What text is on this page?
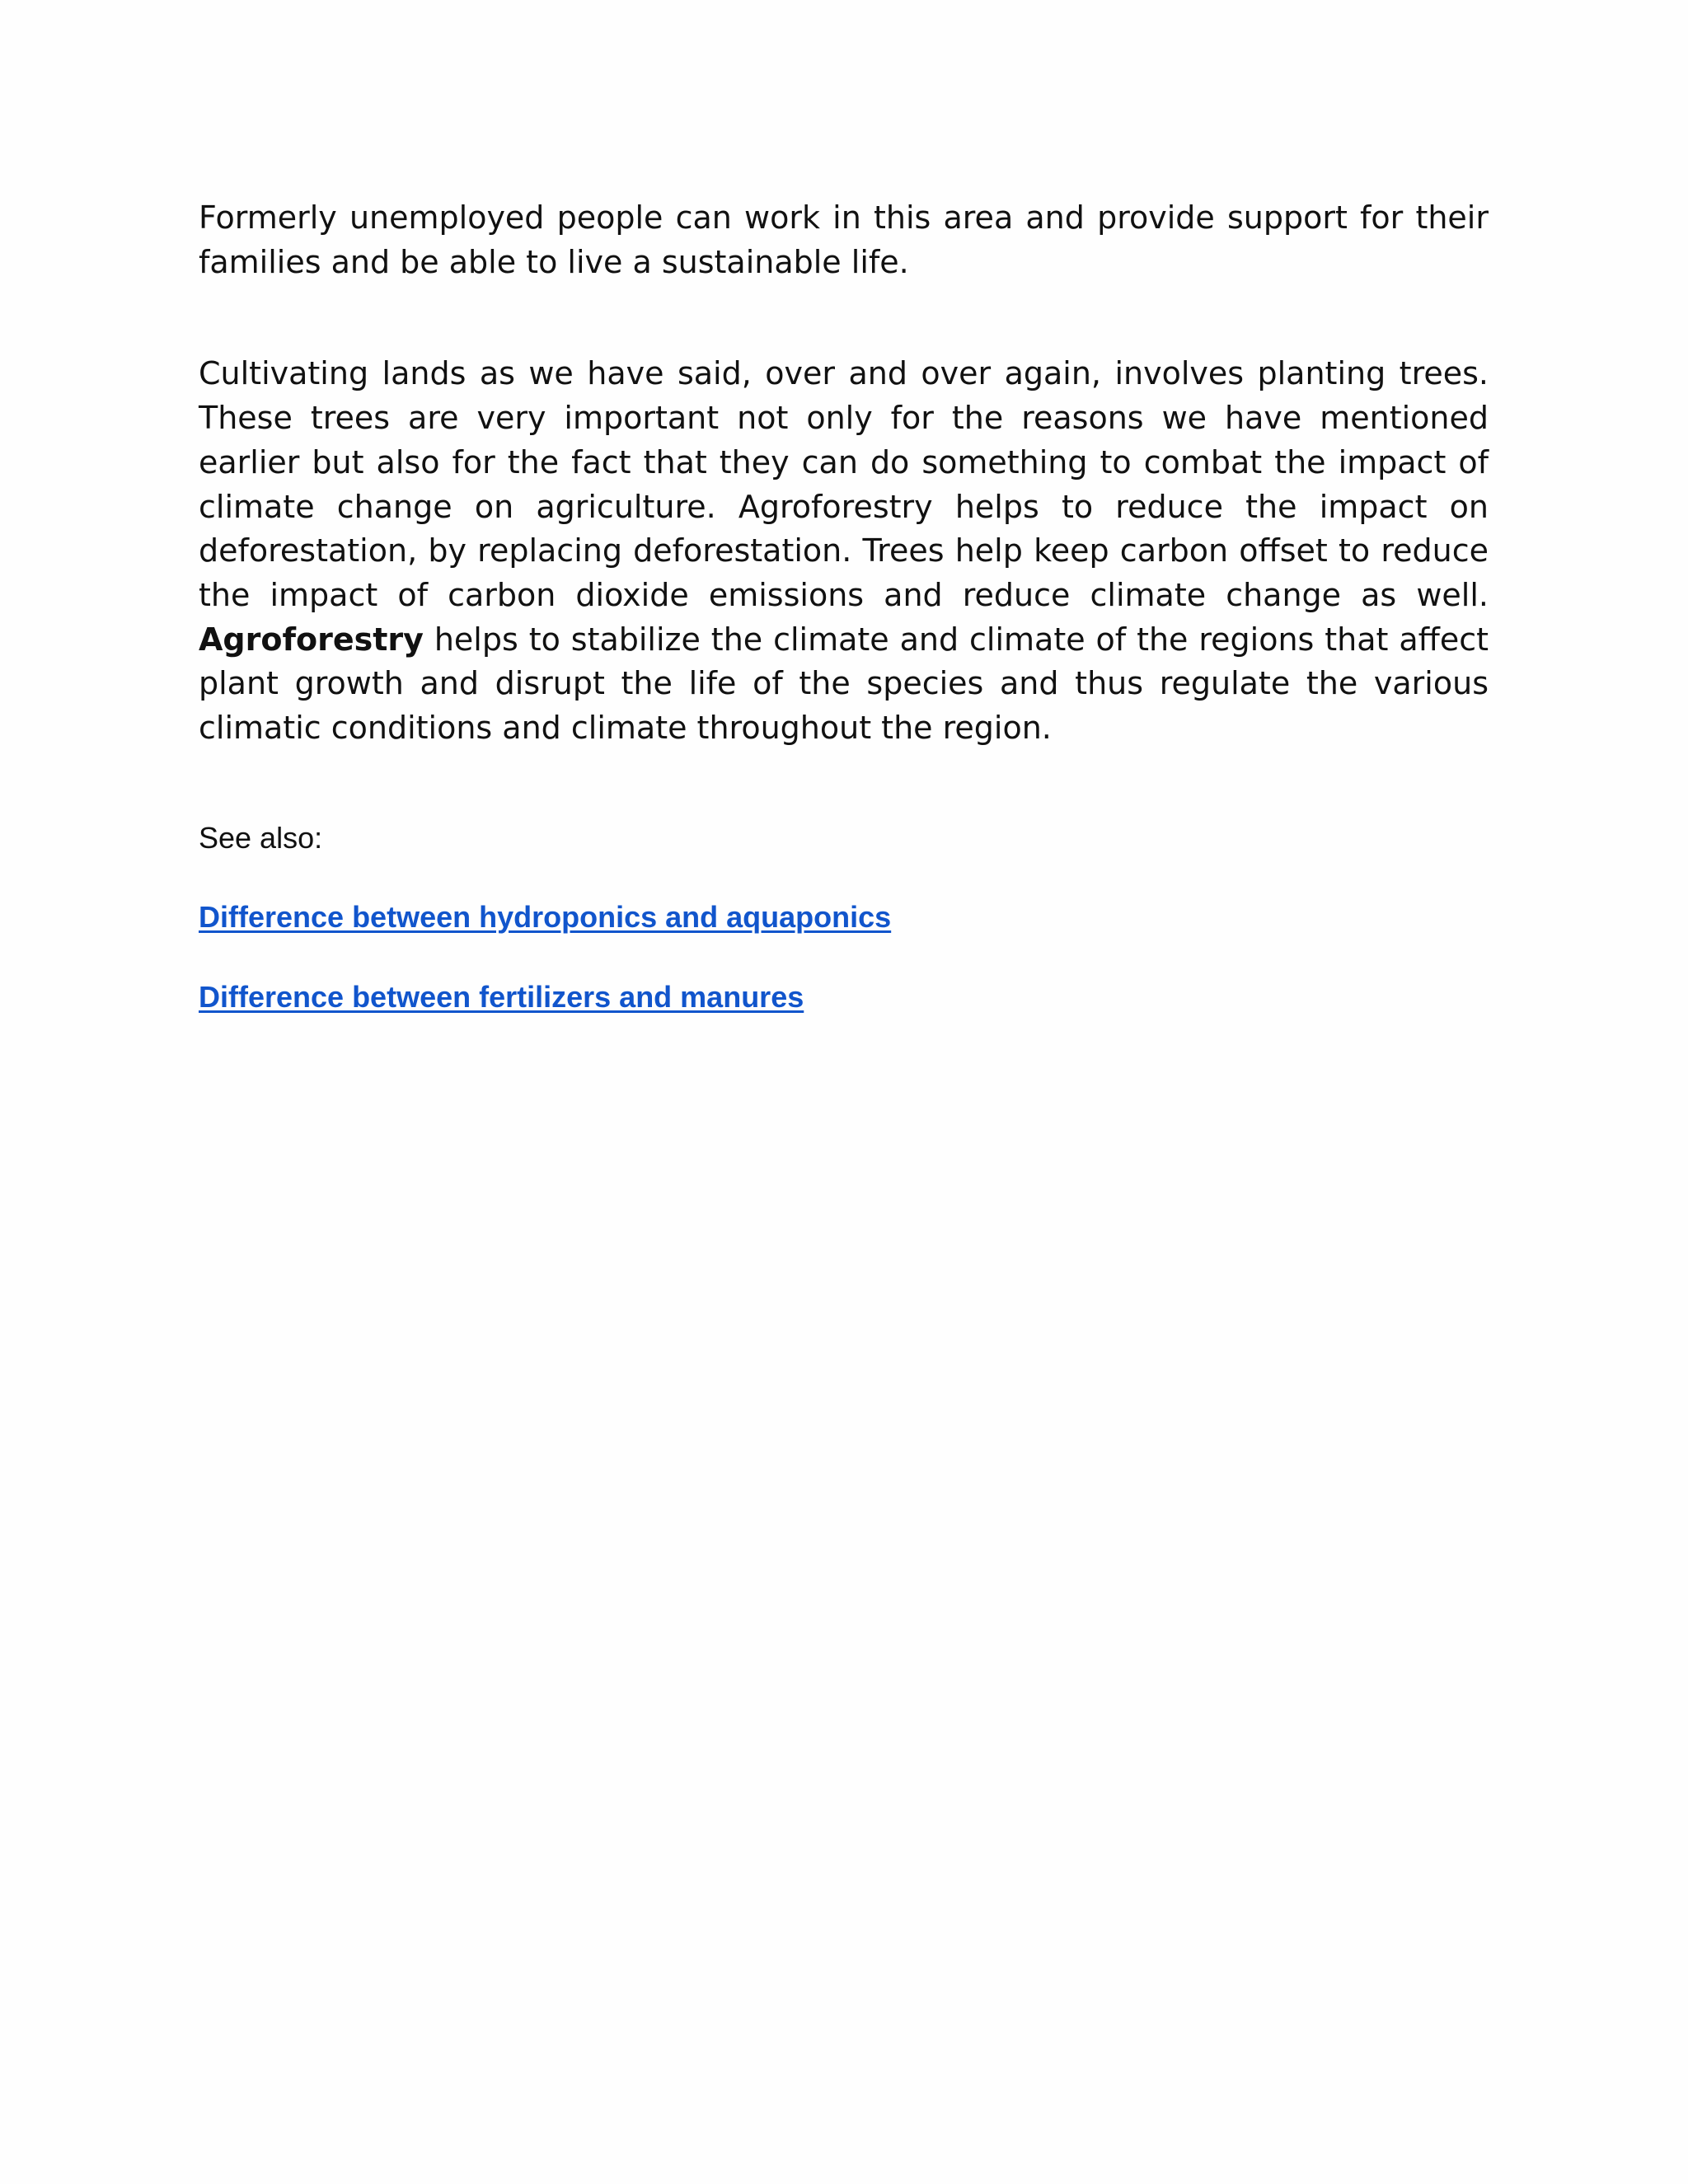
Formerly unemployed people can work in this area and provide support for their families and be able to live a sustainable life.

Cultivating lands as we have said, over and over again, involves planting trees. These trees are very important not only for the reasons we have mentioned earlier but also for the fact that they can do something to combat the impact of climate change on agriculture. Agroforestry helps to reduce the impact on deforestation, by replacing deforestation. Trees help keep carbon offset to reduce the impact of carbon dioxide emissions and reduce climate change as well. Agroforestry helps to stabilize the climate and climate of the regions that affect plant growth and disrupt the life of the species and thus regulate the various climatic conditions and climate throughout the region.

See also:
Difference between hydroponics and aquaponics
Difference between fertilizers and manures
